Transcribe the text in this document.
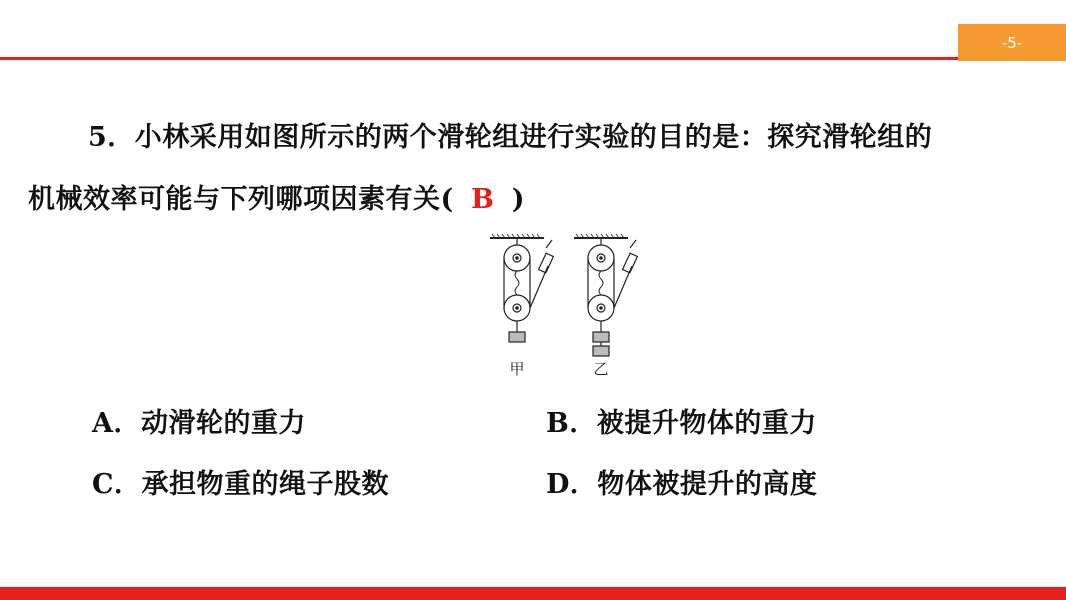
-5-
5．小林采用如图所示的两个滑轮组进行实验的目的是：探究滑轮组的
机械效率可能与下列哪项因素有关( B )
甲	乙
A．动滑轮的重力	B．被提升物体的重力
C．承担物重的绳子股数	D．物体被提升的高度
